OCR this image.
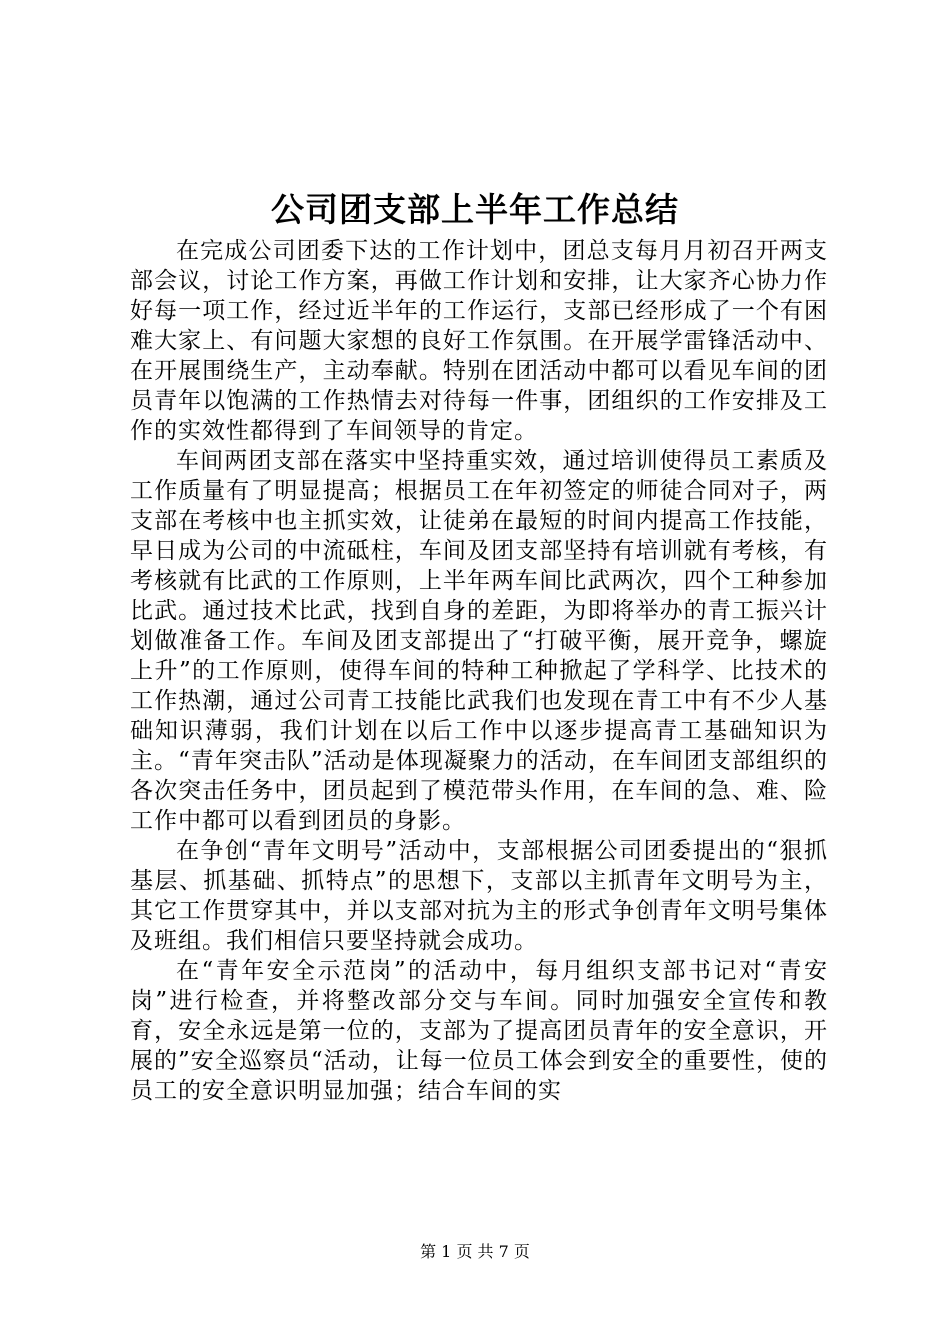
公司团支部上半年工作总结

在完成公司团委下达的工作计划中，团总支每月月初召开两支部会议，讨论工作方案，再做工作计划和安排，让大家齐心协力作好每一项工作，经过近半年的工作运行，支部已经形成了一个有困难大家上、有问题大家想的良好工作氛围。在开展学雷锋活动中、在开展围绕生产，主动奉献。特别在团活动中都可以看见车间的团员青年以饱满的工作热情去对待每一件事，团组织的工作安排及工作的实效性都得到了车间领导的肯定。

车间两团支部在落实中坚持重实效，通过培训使得员工素质及工作质量有了明显提高；根据员工在年初签定的师徒合同对子，两支部在考核中也主抓实效，让徒弟在最短的时间内提高工作技能，早日成为公司的中流砥柱，车间及团支部坚持有培训就有考核，有考核就有比武的工作原则，上半年两车间比武两次，四个工种参加比武。通过技术比武，找到自身的差距，为即将举办的青工振兴计划做准备工作。车间及团支部提出了“打破平衡，展开竞争，螺旋上升”的工作原则，使得车间的特种工种掀起了学科学、比技术的工作热潮，通过公司青工技能比武我们也发现在青工中有不少人基础知识薄弱，我们计划在以后工作中以逐步提高青工基础知识为主。“青年突击队”活动是体现凝聚力的活动，在车间团支部组织的各次突击任务中，团员起到了模范带头作用，在车间的急、难、险工作中都可以看到团员的身影。

在争创“青年文明号”活动中，支部根据公司团委提出的“狠抓基层、抓基础、抓特点”的思想下，支部以主抓青年文明号为主，其它工作贯穿其中，并以支部对抗为主的形式争创青年文明号集体及班组。我们相信只要坚持就会成功。

在“青年安全示范岗”的活动中，每月组织支部书记对“青安岗”进行检查，并将整改部分交与车间。同时加强安全宣传和教育，安全永远是第一位的，支部为了提高团员青年的安全意识，开展的”安全巡察员“活动，让每一位员工体会到安全的重要性，使的员工的安全意识明显加强；结合车间的实

第 1 页 共 7 页
